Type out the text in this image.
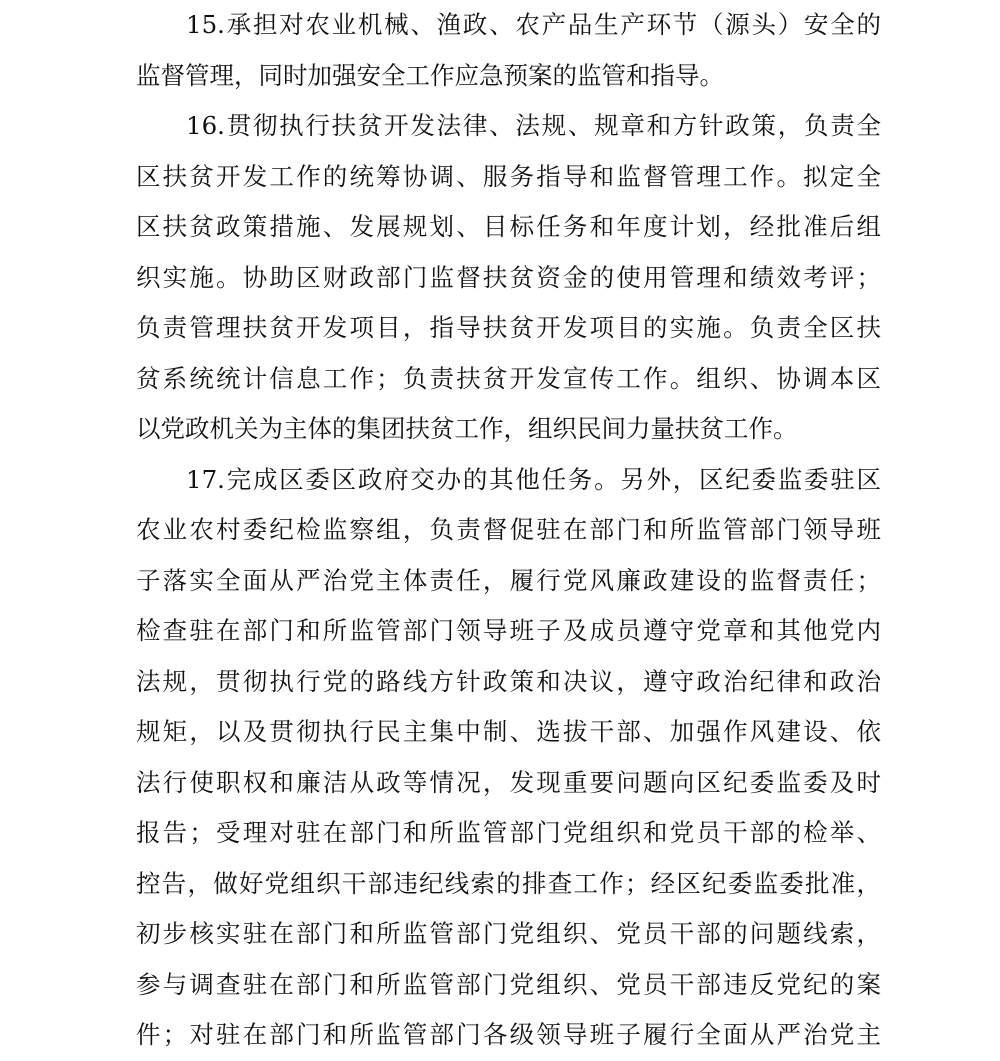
15.承担对农业机械、渔政、农产品生产环节（源头）安全的
监督管理，同时加强安全工作应急预案的监管和指导。
16.贯彻执行扶贫开发法律、法规、规章和方针政策，负责全
区扶贫开发工作的统筹协调、服务指导和监督管理工作。拟定全
区扶贫政策措施、发展规划、目标任务和年度计划，经批准后组
织实施。协助区财政部门监督扶贫资金的使用管理和绩效考评；
负责管理扶贫开发项目，指导扶贫开发项目的实施。负责全区扶
贫系统统计信息工作；负责扶贫开发宣传工作。组织、协调本区
以党政机关为主体的集团扶贫工作，组织民间力量扶贫工作。
17.完成区委区政府交办的其他任务。另外，区纪委监委驻区
农业农村委纪检监察组，负责督促驻在部门和所监管部门领导班
子落实全面从严治党主体责任，履行党风廉政建设的监督责任；
检查驻在部门和所监管部门领导班子及成员遵守党章和其他党内
法规，贯彻执行党的路线方针政策和决议，遵守政治纪律和政治
规矩，以及贯彻执行民主集中制、选拔干部、加强作风建设、依
法行使职权和廉洁从政等情况，发现重要问题向区纪委监委及时
报告；受理对驻在部门和所监管部门党组织和党员干部的检举、
控告，做好党组织干部违纪线索的排查工作；经区纪委监委批准，
初步核实驻在部门和所监管部门党组织、党员干部的问题线索，
参与调查驻在部门和所监管部门党组织、党员干部违反党纪的案
件；对驻在部门和所监管部门各级领导班子履行全面从严治党主
